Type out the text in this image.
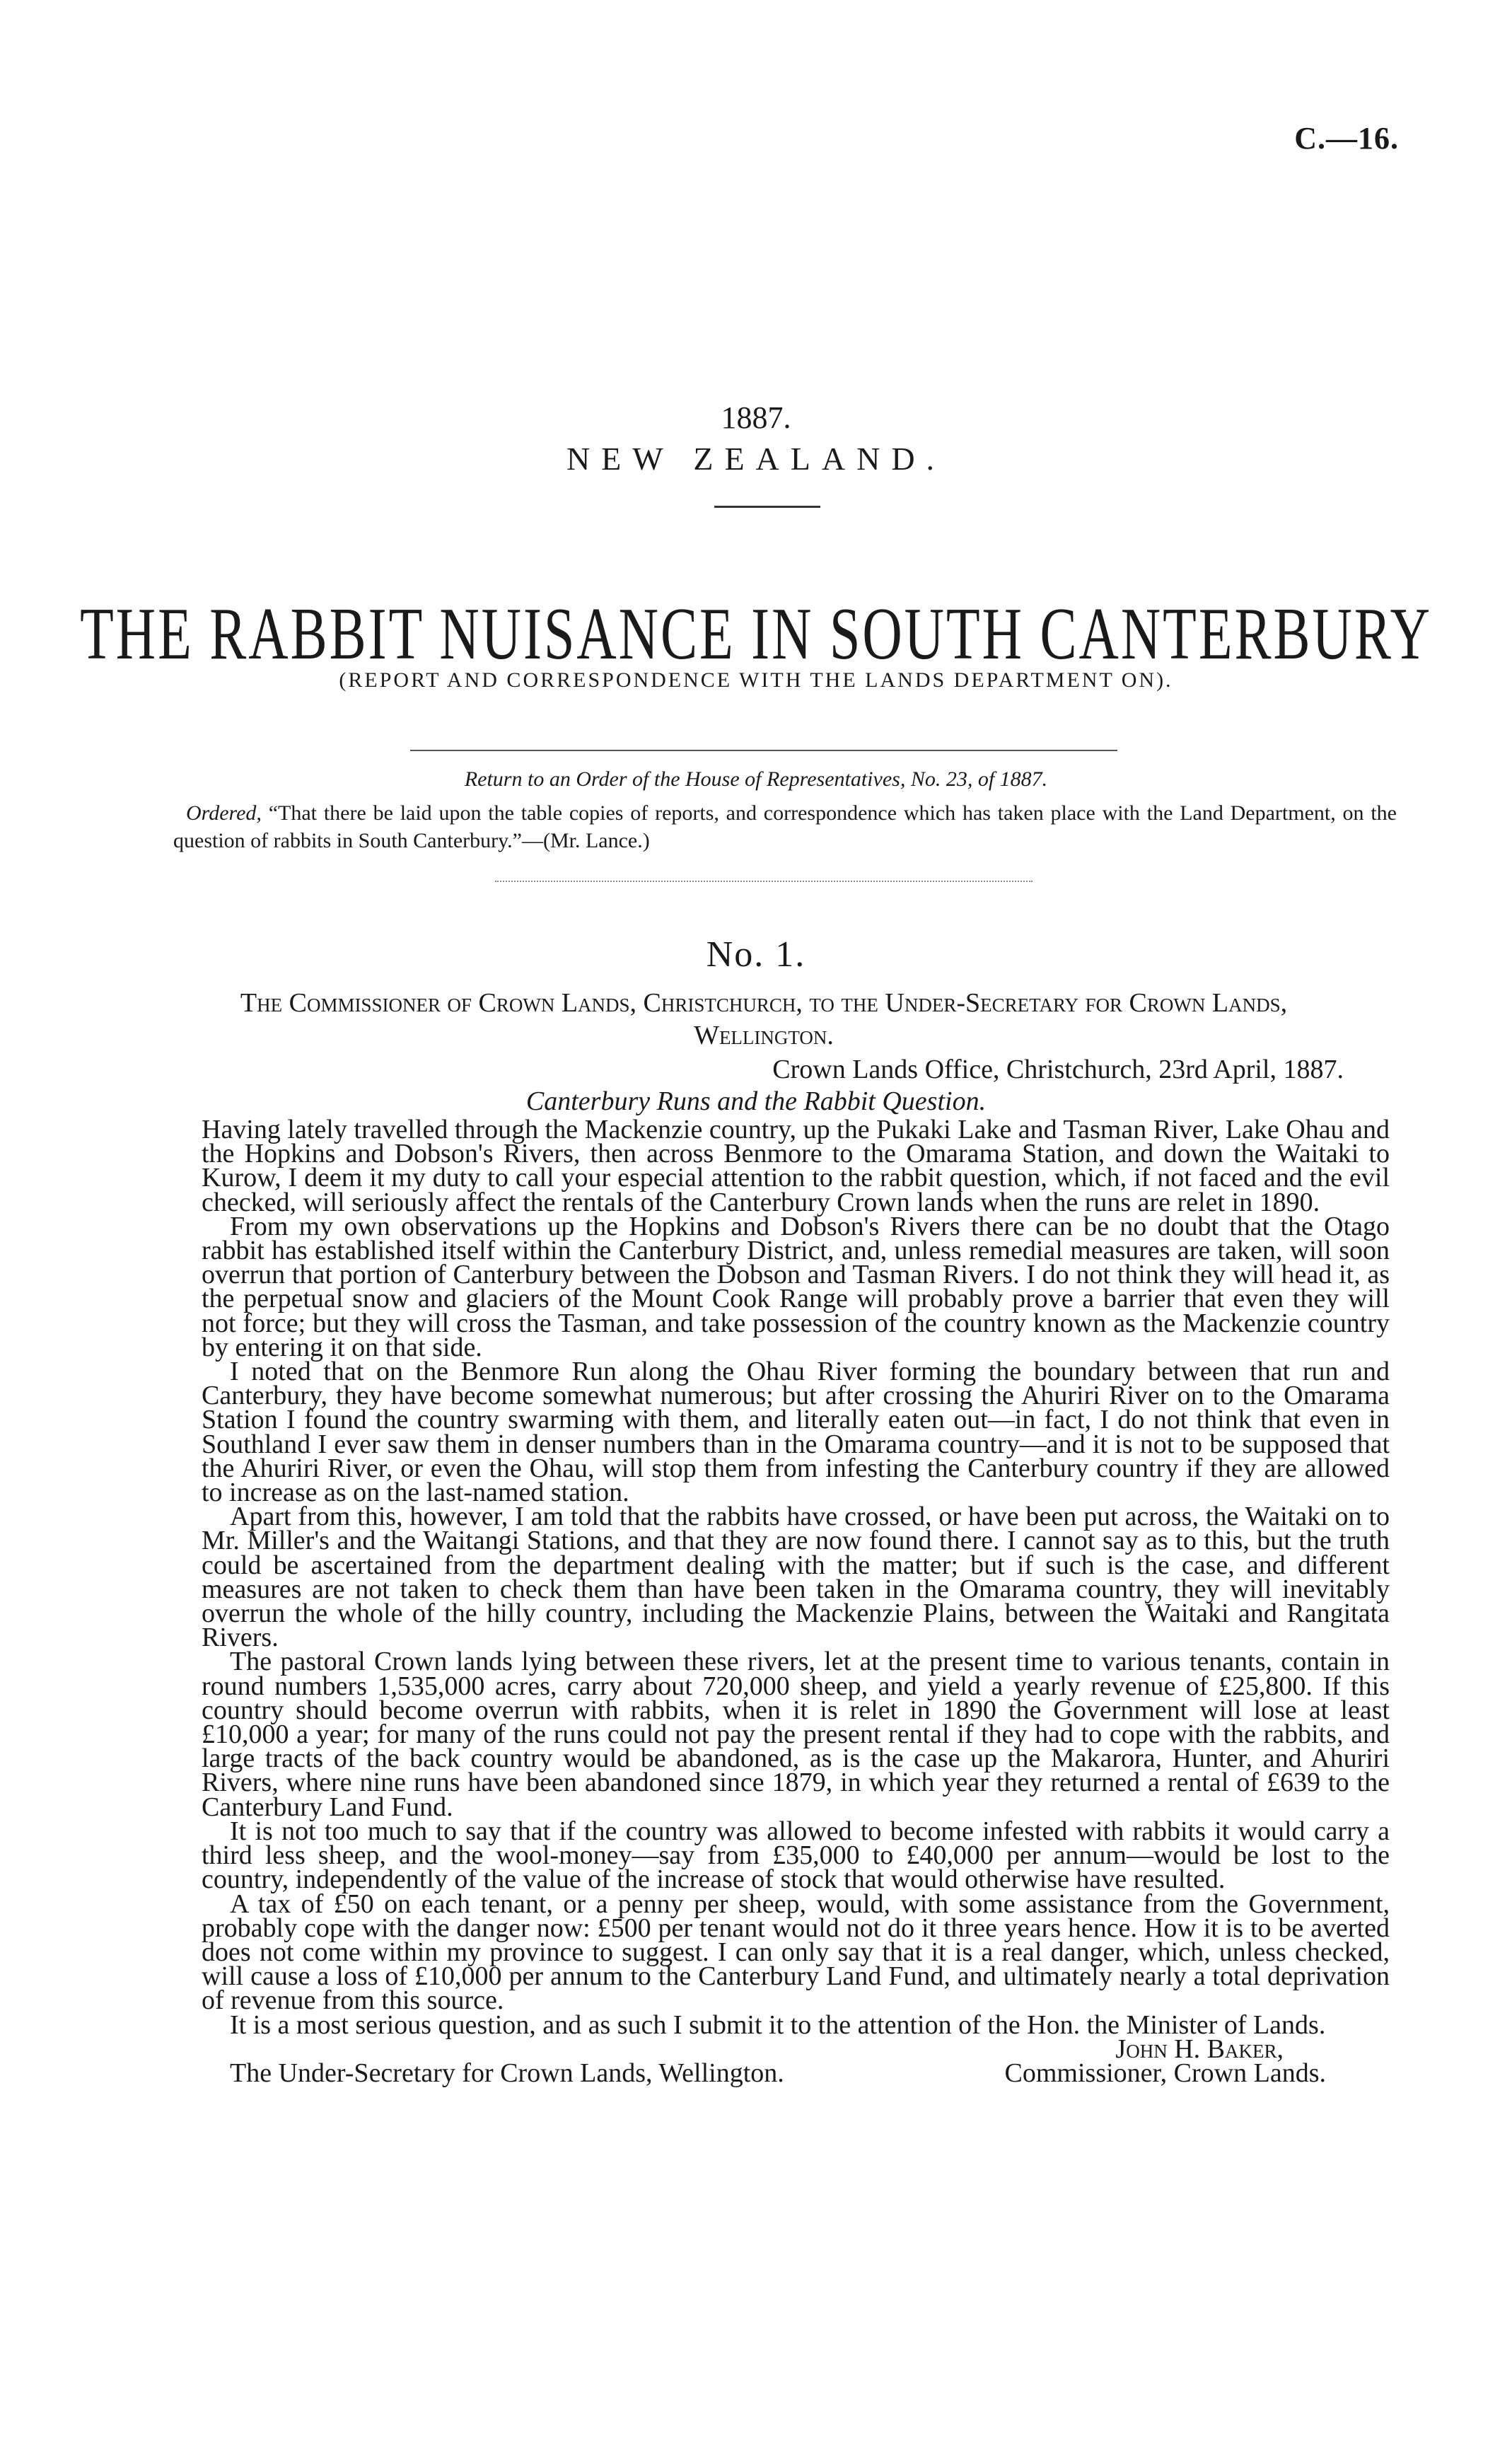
C.—16.
1887.
NEW ZEALAND.
THE RABBIT NUISANCE IN SOUTH CANTERBURY
(REPORT AND CORRESPONDENCE WITH THE LANDS DEPARTMENT ON).
Return to an Order of the House of Representatives, No. 23, of 1887.
Ordered, “That there be laid upon the table copies of reports, and correspondence which has taken place with the Land Department, on the question of rabbits in South Canterbury.”—(Mr. Lance.)
No. 1.
The Commissioner of Crown Lands, Christchurch, to the Under-Secretary for Crown Lands, Wellington.
Crown Lands Office, Christchurch, 23rd April, 1887.
Canterbury Runs and the Rabbit Question.

Having lately travelled through the Mackenzie country, up the Pukaki Lake and Tasman River, Lake Ohau and the Hopkins and Dobson's Rivers, then across Benmore to the Omarama Station, and down the Waitaki to Kurow, I deem it my duty to call your especial attention to the rabbit question, which, if not faced and the evil checked, will seriously affect the rentals of the Canterbury Crown lands when the runs are relet in 1890.

From my own observations up the Hopkins and Dobson's Rivers there can be no doubt that the Otago rabbit has established itself within the Canterbury District, and, unless remedial measures are taken, will soon overrun that portion of Canterbury between the Dobson and Tasman Rivers. I do not think they will head it, as the perpetual snow and glaciers of the Mount Cook Range will probably prove a barrier that even they will not force; but they will cross the Tasman, and take possession of the country known as the Mackenzie country by entering it on that side.

I noted that on the Benmore Run along the Ohau River forming the boundary between that run and Canterbury, they have become somewhat numerous; but after crossing the Ahuriri River on to the Omarama Station I found the country swarming with them, and literally eaten out—in fact, I do not think that even in Southland I ever saw them in denser numbers than in the Omarama country—and it is not to be supposed that the Ahuriri River, or even the Ohau, will stop them from infesting the Canterbury country if they are allowed to increase as on the last-named station.

Apart from this, however, I am told that the rabbits have crossed, or have been put across, the Waitaki on to Mr. Miller's and the Waitangi Stations, and that they are now found there. I cannot say as to this, but the truth could be ascertained from the department dealing with the matter; but if such is the case, and different measures are not taken to check them than have been taken in the Omarama country, they will inevitably overrun the whole of the hilly country, including the Mackenzie Plains, between the Waitaki and Rangitata Rivers.

The pastoral Crown lands lying between these rivers, let at the present time to various tenants, contain in round numbers 1,535,000 acres, carry about 720,000 sheep, and yield a yearly revenue of £25,800. If this country should become overrun with rabbits, when it is relet in 1890 the Government will lose at least £10,000 a year; for many of the runs could not pay the present rental if they had to cope with the rabbits, and large tracts of the back country would be abandoned, as is the case up the Makarora, Hunter, and Ahuriri Rivers, where nine runs have been abandoned since 1879, in which year they returned a rental of £639 to the Canterbury Land Fund.

It is not too much to say that if the country was allowed to become infested with rabbits it would carry a third less sheep, and the wool-money—say from £35,000 to £40,000 per annum—would be lost to the country, independently of the value of the increase of stock that would otherwise have resulted.

A tax of £50 on each tenant, or a penny per sheep, would, with some assistance from the Government, probably cope with the danger now: £500 per tenant would not do it three years hence. How it is to be averted does not come within my province to suggest. I can only say that it is a real danger, which, unless checked, will cause a loss of £10,000 per annum to the Canterbury Land Fund, and ultimately nearly a total deprivation of revenue from this source.

It is a most serious question, and as such I submit it to the attention of the Hon. the Minister of Lands.

John H. Baker,
The Under-Secretary for Crown Lands, Wellington.	Commissioner, Crown Lands.
